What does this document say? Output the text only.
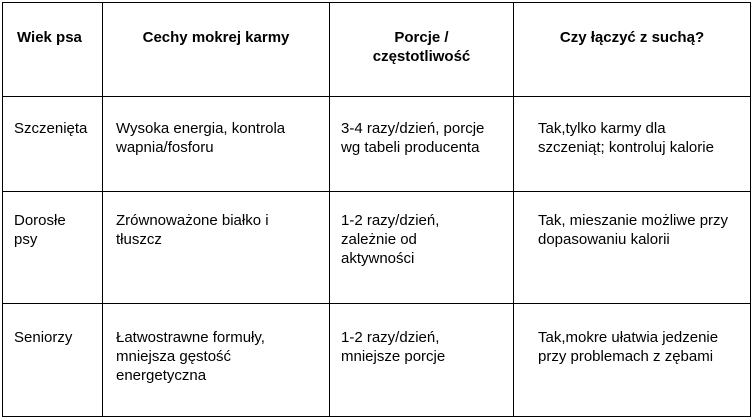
Wiek psa	Cechy mokrej karmy	Porcje / częstotliwość	Czy łączyć z suchą?
Szczenięta	Wysoka energia, kontrola wapnia/fosforu	3-4 razy/dzień, porcje wg tabeli producenta	Tak,tylko karmy dla szczeniąt; kontroluj kalorie
Dorosłe psy	Zrównoważone białko i tłuszcz	1-2 razy/dzień, zależnie od aktywności	Tak, mieszanie możliwe przy dopasowaniu kalorii
Seniorzy	Łatwostrawne formuły, mniejsza gęstość energetyczna	1-2 razy/dzień, mniejsze porcje	Tak,mokre ułatwia jedzenie przy problemach z zębami
